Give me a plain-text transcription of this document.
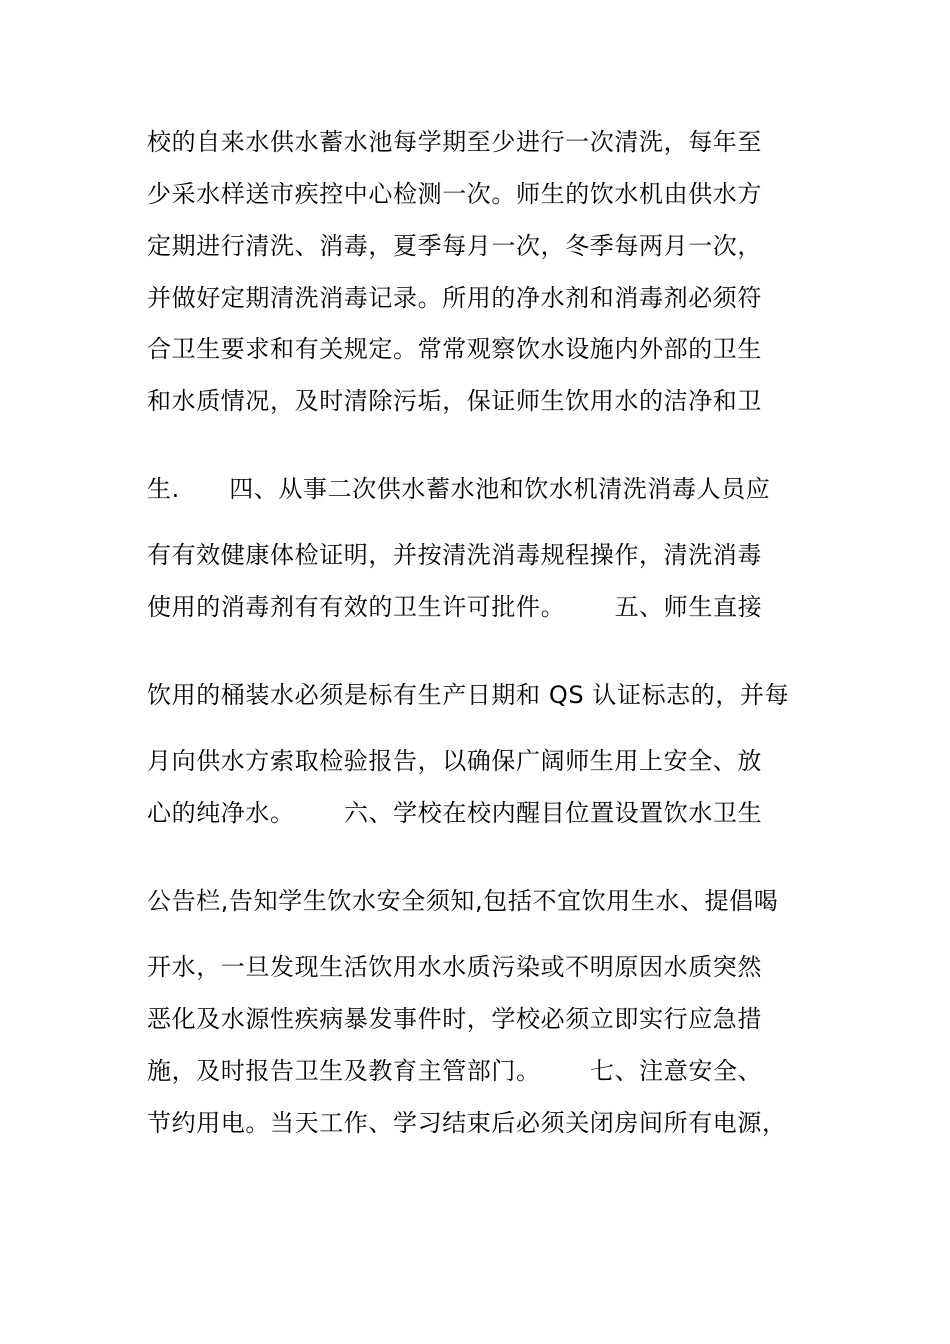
校的自来水供水蓄水池每学期至少进行一次清洗，每年至
少采水样送市疾控中心检测一次。师生的饮水机由供水方
定期进行清洗、消毒，夏季每月一次，冬季每两月一次，
并做好定期清洗消毒记录。所用的净水剂和消毒剂必须符
合卫生要求和有关规定。常常观察饮水设施内外部的卫生
和水质情况，及时清除污垢，保证师生饮用水的洁净和卫
生.      四、从事二次供水蓄水池和饮水机清洗消毒人员应
有有效健康体检证明，并按清洗消毒规程操作，清洗消毒
使用的消毒剂有有效的卫生许可批件。      五、师生直接
饮用的桶装水必须是标有生产日期和 QS 认证标志的，并每
月向供水方索取检验报告，以确保广阔师生用上安全、放
心的纯净水。      六、学校在校内醒目位置设置饮水卫生
公告栏,告知学生饮水安全须知,包括不宜饮用生水、提倡喝
开水，一旦发现生活饮用水水质污染或不明原因水质突然
恶化及水源性疾病暴发事件时，学校必须立即实行应急措
施，及时报告卫生及教育主管部门。      七、注意安全、
节约用电。当天工作、学习结束后必须关闭房间所有电源，
